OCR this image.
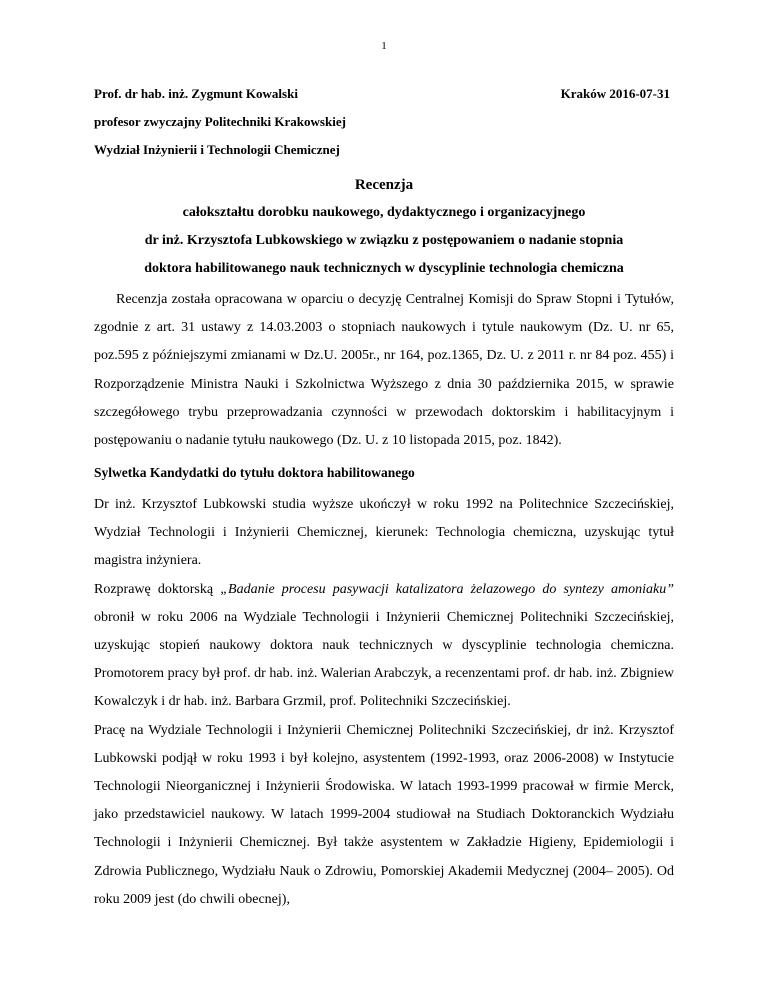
1
Prof. dr hab. inż. Zygmunt Kowalski	Kraków 2016-07-31
profesor zwyczajny Politechniki Krakowskiej
Wydział Inżynierii i Technologii Chemicznej
Recenzja
całokształtu dorobku naukowego, dydaktycznego i organizacyjnego
dr inż. Krzysztofa Lubkowskiego w związku z postępowaniem o nadanie stopnia
doktora habilitowanego nauk technicznych w dyscyplinie technologia chemiczna

Recenzja została opracowana w oparciu o decyzję Centralnej Komisji do Spraw Stopni i Tytułów, zgodnie z art. 31 ustawy z 14.03.2003 o stopniach naukowych i tytule naukowym (Dz. U. nr 65, poz.595 z późniejszymi zmianami w Dz.U. 2005r., nr 164, poz.1365, Dz. U. z 2011 r. nr 84 poz. 455) i Rozporządzenie Ministra Nauki i Szkolnictwa Wyższego z dnia 30 października 2015, w sprawie szczegółowego trybu przeprowadzania czynności w przewodach doktorskim i habilitacyjnym i postępowaniu o nadanie tytułu naukowego (Dz. U. z 10 listopada 2015, poz. 1842).

Sylwetka Kandydatki do tytułu doktora habilitowanego

Dr inż. Krzysztof Lubkowski studia wyższe ukończył w roku 1992 na Politechnice Szczecińskiej, Wydział Technologii i Inżynierii Chemicznej, kierunek: Technologia chemiczna, uzyskując tytuł magistra inżyniera.

Rozprawę doktorską „Badanie procesu pasywacji katalizatora żelazowego do syntezy amoniaku” obronił w roku 2006 na Wydziale Technologii i Inżynierii Chemicznej Politechniki Szczecińskiej, uzyskując stopień naukowy doktora nauk technicznych w dyscyplinie technologia chemiczna. Promotorem pracy był prof. dr hab. inż. Walerian Arabczyk, a recenzentami prof. dr hab. inż. Zbigniew Kowalczyk i dr hab. inż. Barbara Grzmil, prof. Politechniki Szczecińskiej.

Pracę na Wydziale Technologii i Inżynierii Chemicznej Politechniki Szczecińskiej, dr inż. Krzysztof Lubkowski podjął w roku 1993 i był kolejno, asystentem (1992-1993, oraz 2006-2008) w Instytucie Technologii Nieorganicznej i Inżynierii Środowiska. W latach 1993-1999 pracował w firmie Merck, jako przedstawiciel naukowy. W latach 1999-2004 studiował na Studiach Doktoranckich Wydziału Technologii i Inżynierii Chemicznej. Był także asystentem w Zakładzie Higieny, Epidemiologii i Zdrowia Publicznego, Wydziału Nauk o Zdrowiu, Pomorskiej Akademii Medycznej (2004– 2005). Od roku 2009 jest (do chwili obecnej),
